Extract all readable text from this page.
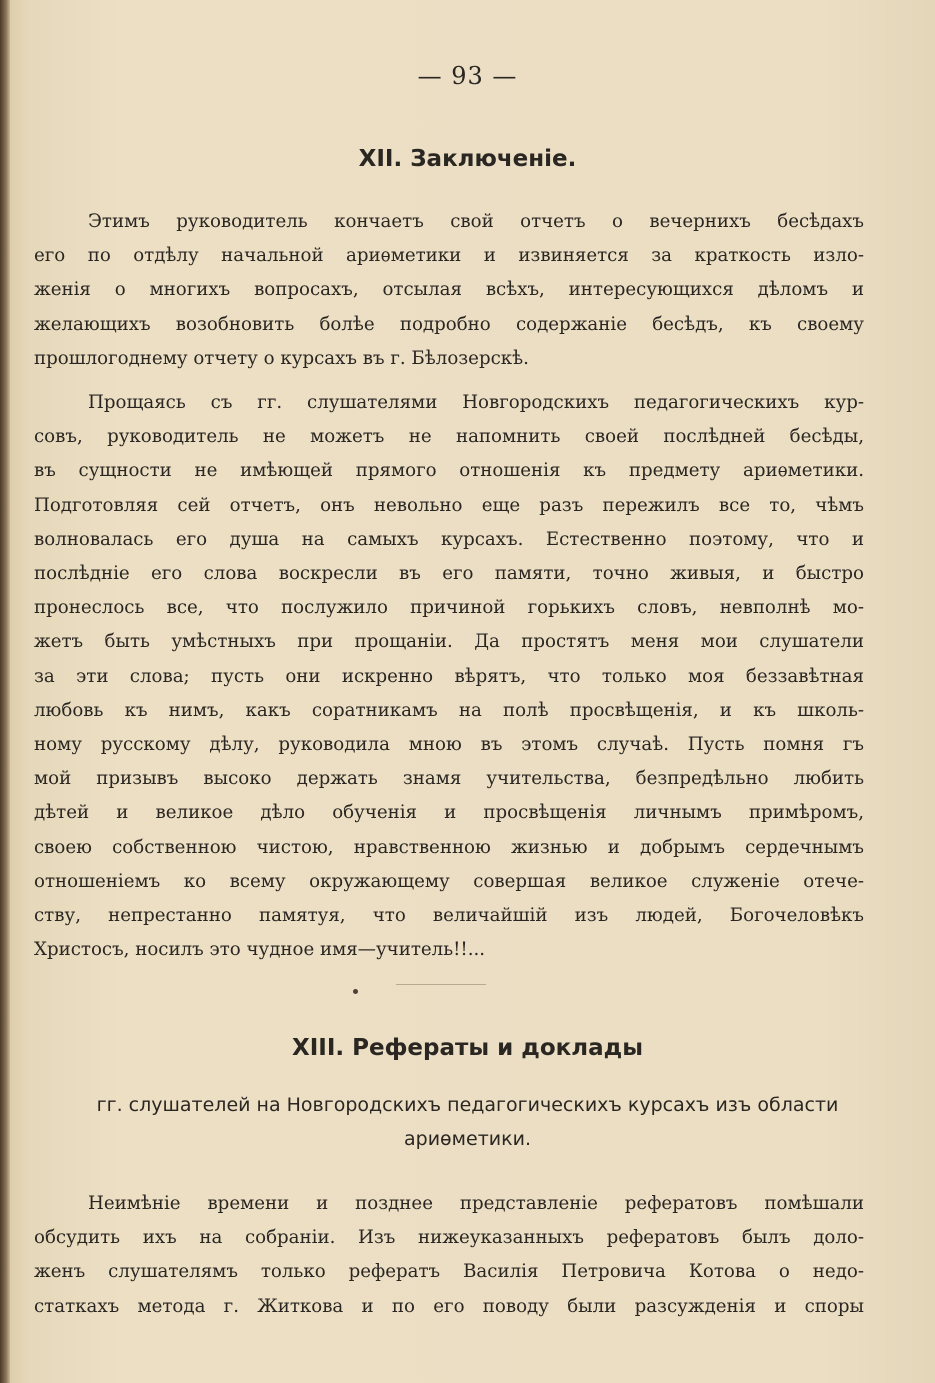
— 93 —
XII. Заключеніе.
Этимъ руководитель кончаетъ свой отчетъ о вечернихъ бесѣдахъ
его по отдѣлу начальной ариѳметики и извиняется за краткость изло-
женія о многихъ вопросахъ, отсылая всѣхъ, интересующихся дѣломъ и
желающихъ возобновить болѣе подробно содержаніе бесѣдъ, къ своему
прошлогоднему отчету о курсахъ въ г. Бѣлозерскѣ.
Прощаясь съ гг. слушателями Новгородскихъ педагогическихъ кур-
совъ, руководитель не можетъ не напомнить своей послѣдней бесѣды,
въ сущности не имѣющей прямого отношенія къ предмету ариѳметики.
Подготовляя сей отчетъ, онъ невольно еще разъ пережилъ все то, чѣмъ
волновалась его душа на самыхъ курсахъ. Естественно поэтому, что и
послѣдніе его слова воскресли въ его памяти, точно живыя, и быстро
пронеслось все, что послужило причиной горькихъ словъ, невполнѣ мо-
жетъ быть умѣстныхъ при прощаніи. Да простятъ меня мои слушатели
за эти слова; пусть они искренно вѣрятъ, что только моя беззавѣтная
любовь къ нимъ, какъ соратникамъ на полѣ просвѣщенія, и къ школь-
ному русскому дѣлу, руководила мною въ этомъ случаѣ. Пусть помня гъ
мой призывъ высоко держать знамя учительства, безпредѣльно любить
дѣтей и великое дѣло обученія и просвѣщенія личнымъ примѣромъ,
своею собственною чистою, нравственною жизнью и добрымъ сердечнымъ
отношеніемъ ко всему окружающему совершая великое служеніе отече-
ству, непрестанно памятуя, что величайшій изъ людей, Богочеловѣкъ
Христосъ, носилъ это чудное имя—учитель!!...
XIII. Рефераты и доклады
гг. слушателей на Новгородскихъ педагогическихъ курсахъ изъ области ариѳметики.
Неимѣніе времени и позднее представленіе рефератовъ помѣшали
обсудить ихъ на собраніи. Изъ нижеуказанныхъ рефератовъ былъ доло-
женъ слушателямъ только рефератъ Василія Петровича Котова о недо-
статкахъ метода г. Житкова и по его поводу были разсужденія и споры
